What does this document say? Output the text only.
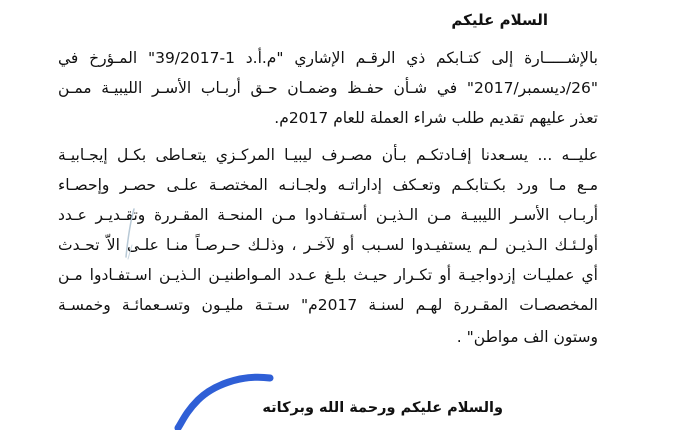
السلام عليكم
بالإشـــــارة إلى كتـابكم ذي الرقـم الإشاري "م.أ.د 1-39/2017" المـؤرخ في
"26/ديسمبر/2017" في شـأن حفـظ وضمـان حـق أربـاب الأسـر الليبيـة ممـن
تعذر عليهم تقديم طلب شراء العملة للعام 2017م.
عليــه ... يسـعدنا إفـادتكـم بـأن مصـرف ليبيـا المركـزي يتعـاطى بكـل إيجـابيـة
مـع مـا ورد بكـتابكـم وتعـكف إداراتـه ولجـانـه المختصـة علـى حصـر وإحصـاء
أربـاب الأسـر الليبيـة مـن الـذيـن أسـتفـادوا مـن المنحـة المقـررة وتقـديـر عـدد
أولـئـك الـذيـن لـم يستفيـدوا لسـبب أو لآخـر ، وذلـك حـرصـاً منـا علـى الاّ تحـدث
أي عمليـات إزدواجيـة أو تكـرار حيـث بلـغ عـدد المـواطنيـن الـذيـن اسـتفـادوا مـن
المخصصـات المقـررة لهـم لسنـة 2017م" سـتـة مليـون وتسـعمائـة وخمسـة
وستون الف مواطن" .
والسلام عليكم ورحمة الله وبركاته
